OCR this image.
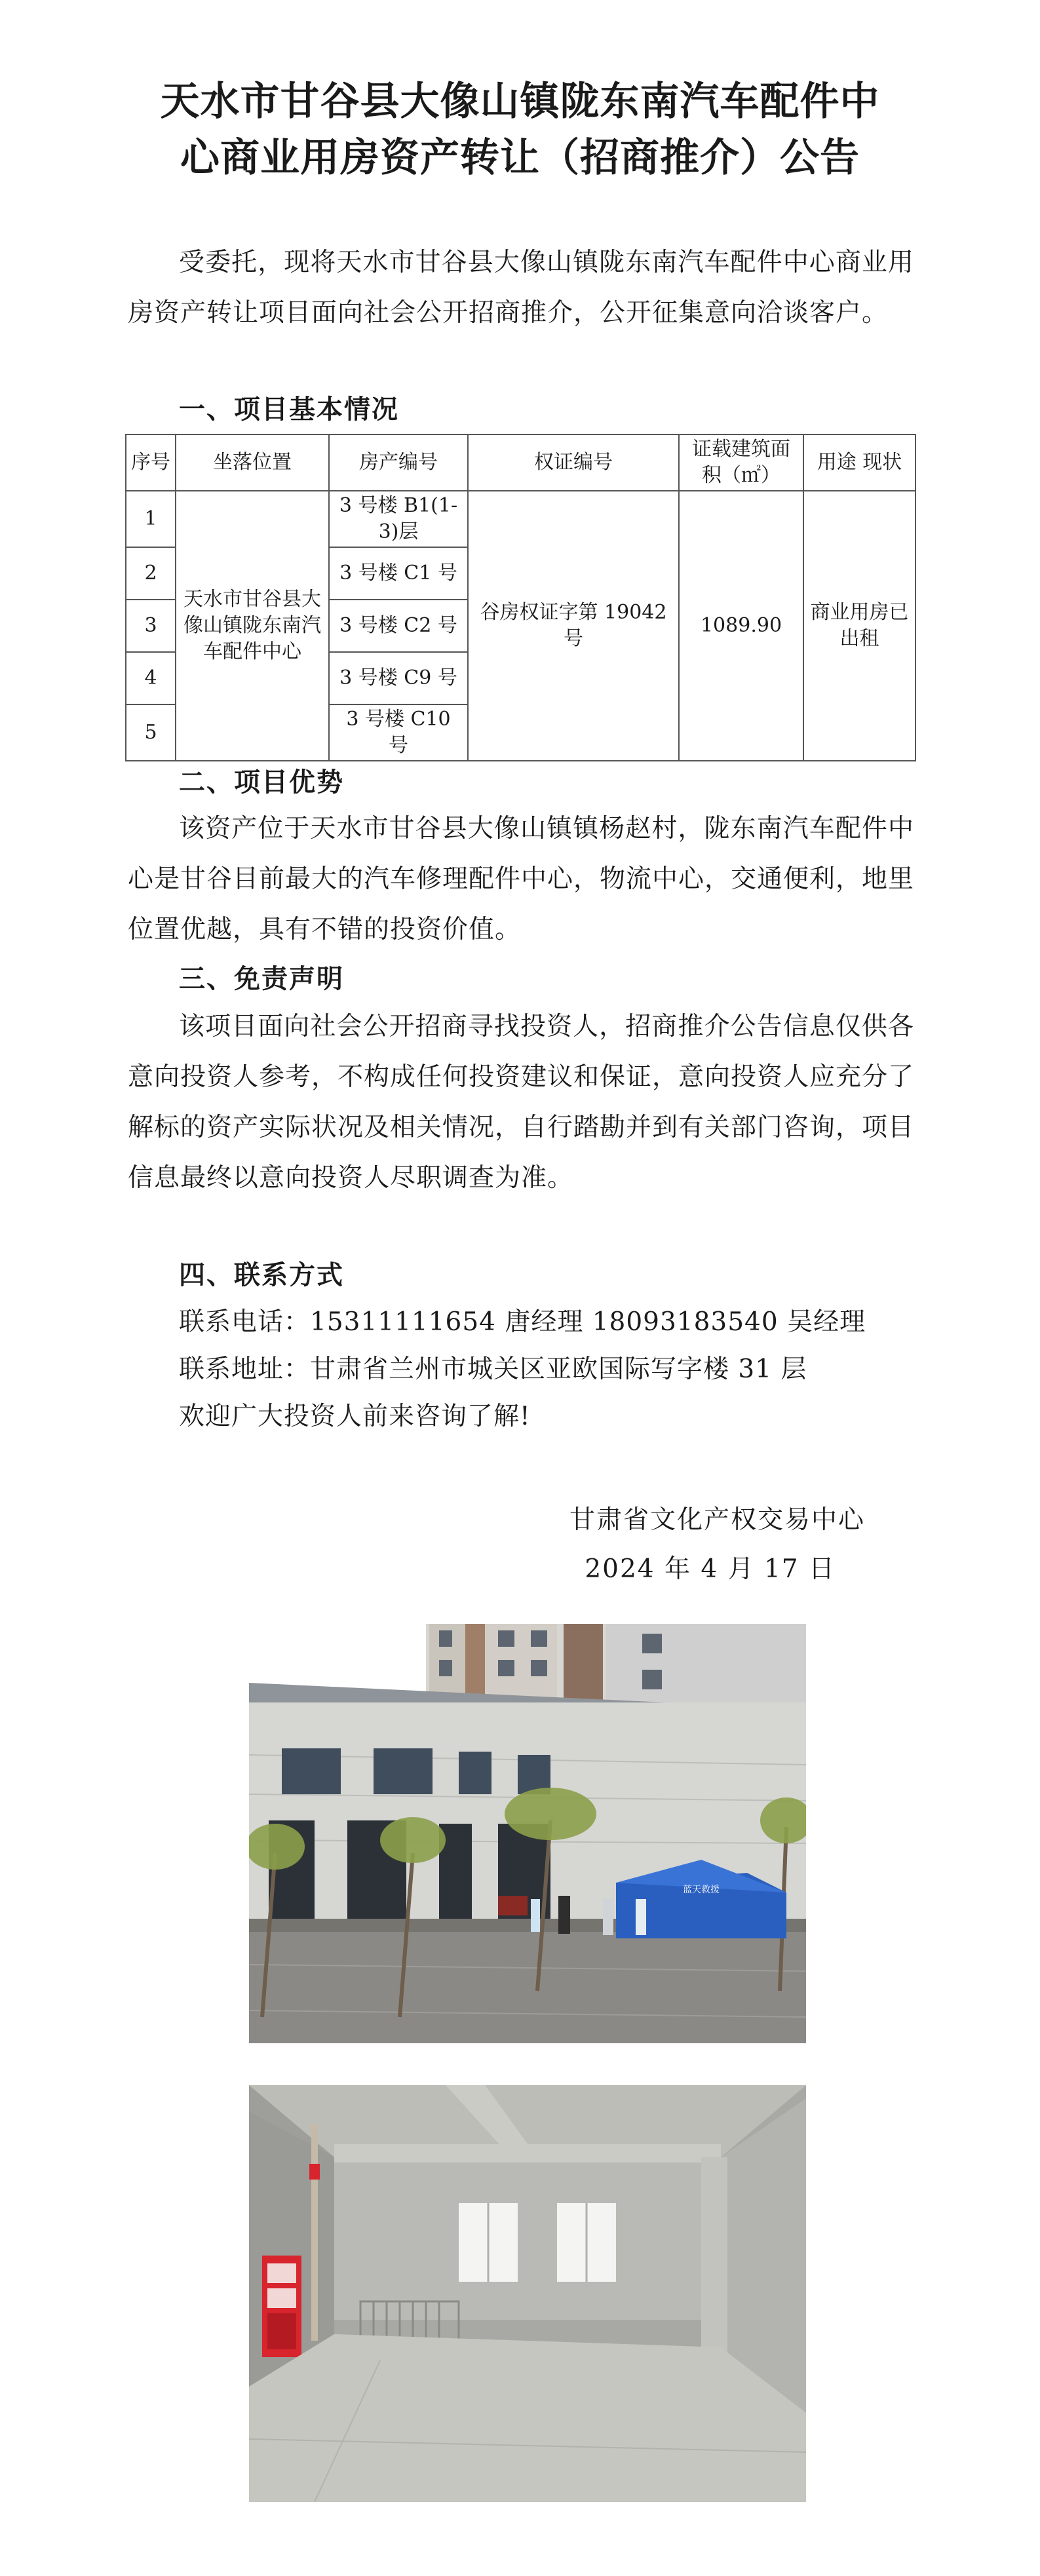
天水市甘谷县大像山镇陇东南汽车配件中
心商业用房资产转让（招商推介）公告
受委托，现将天水市甘谷县大像山镇陇东南汽车配件中心商业用房资产转让项目面向社会公开招商推介，公开征集意向洽谈客户。
一、项目基本情况
序号	坐落位置	房产编号	权证编号	证载建筑面积（㎡）	用途 现状
1	天水市甘谷县大像山镇陇东南汽车配件中心	3 号楼 B1(1-3)层	谷房权证字第 19042 号	1089.90	商业用房已出租
2		3 号楼 C1 号			
3		3 号楼 C2 号			
4		3 号楼 C9 号			
5		3 号楼 C10 号			
二、项目优势
该资产位于天水市甘谷县大像山镇镇杨赵村，陇东南汽车配件中心是甘谷目前最大的汽车修理配件中心，物流中心，交通便利，地里位置优越，具有不错的投资价值。
三、免责声明
该项目面向社会公开招商寻找投资人，招商推介公告信息仅供各意向投资人参考，不构成任何投资建议和保证，意向投资人应充分了解标的资产实际状况及相关情况，自行踏勘并到有关部门咨询，项目信息最终以意向投资人尽职调查为准。
四、联系方式
联系电话：15311111654 唐经理 18093183540 吴经理
联系地址：甘肃省兰州市城关区亚欧国际写字楼 31 层
欢迎广大投资人前来咨询了解!
甘肃省文化产权交易中心
2024 年 4 月 17 日
蓝天救援
